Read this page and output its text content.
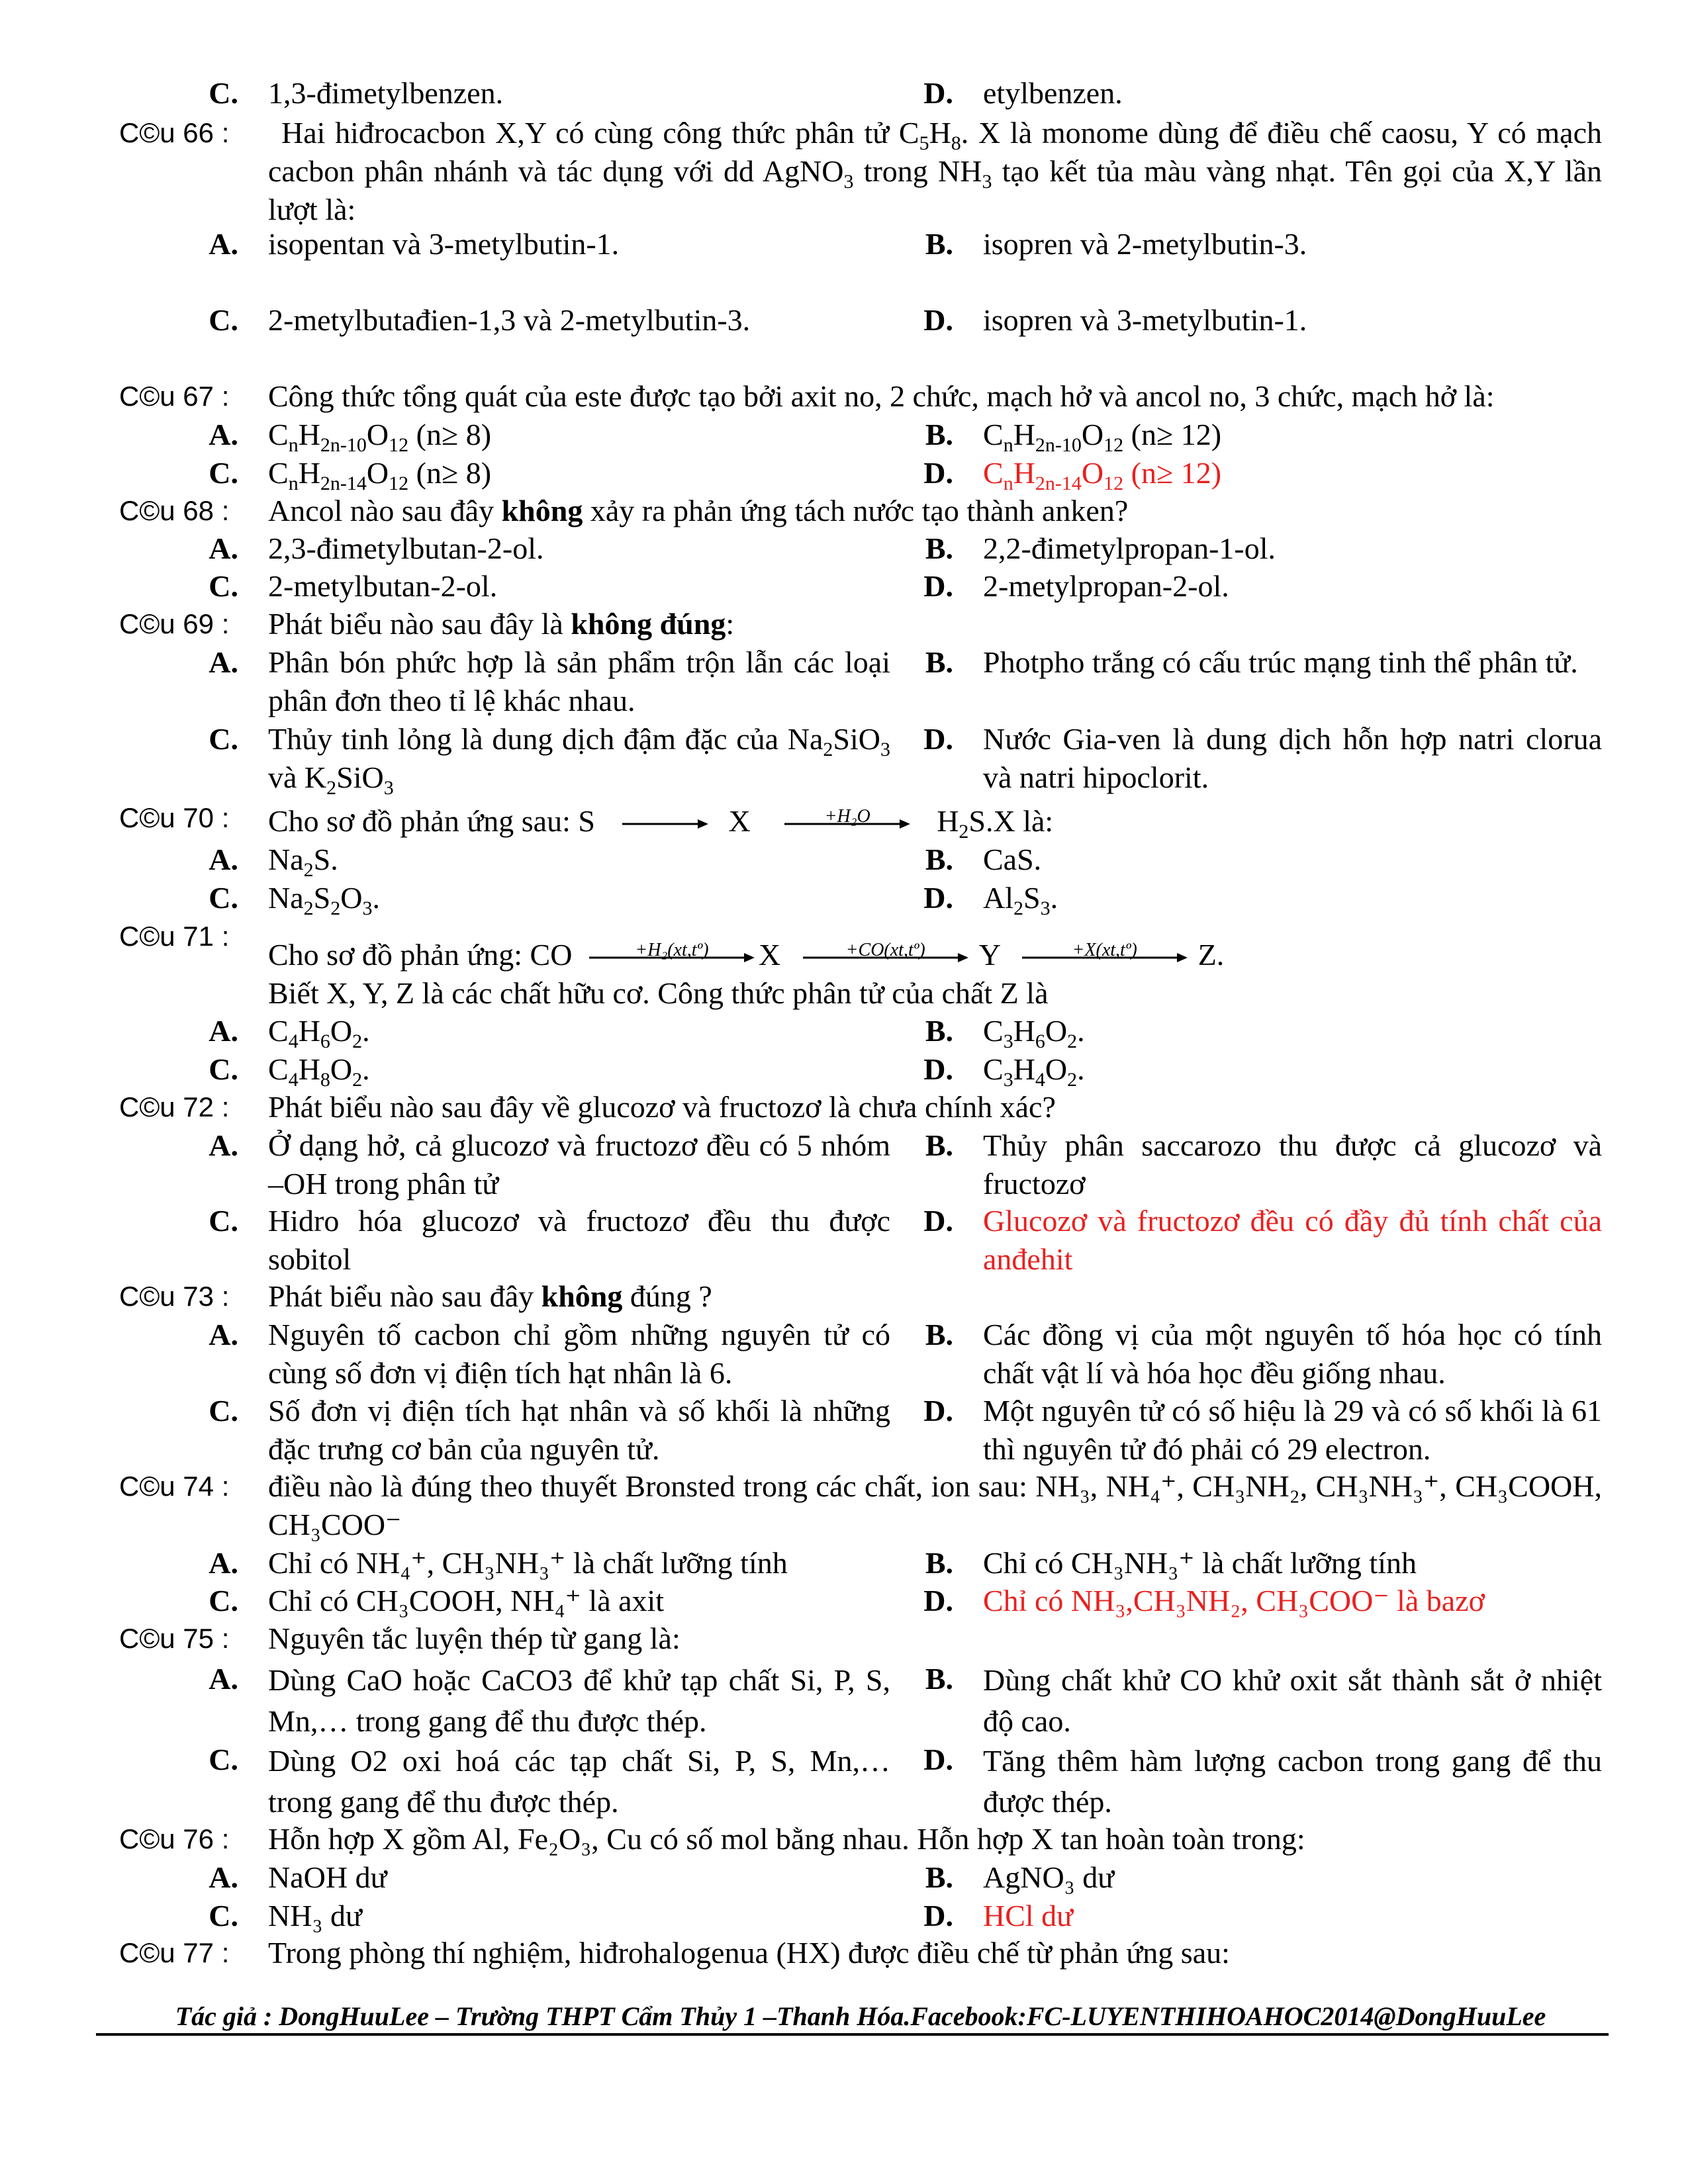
C. 1,3-đimetylbenzen.	D. etylbenzen.
C©u 66 :	Hai hiđrocacbon X,Y có cùng công thức phân tử $C_5H_8$. X là monome dùng để điều chế caosu, Y có mạch cacbon phân nhánh và tác dụng với dd AgNO$_3$ trong $NH_3$ tạo kết tủa màu vàng nhạt. Tên gọi của X,Y lần lượt là:
A. isopentan và 3-metylbutin-1.	B. isopren và 2-metylbutin-3.
C. 2-metylbutađien-1,3 và 2-metylbutin-3.	D. isopren và 3-metylbutin-1.
C©u 67 :	Công thức tổng quát của este được tạo bởi axit no, 2 chức, mạch hở và ancol no, 3 chức, mạch hở là:
A. $C_nH_{2n-10}O_{12}$ (n≥ 8)	B. $C_nH_{2n-10}O_{12}$ (n≥ 12)
C. $C_nH_{2n-14}O_{12}$ (n≥ 8)	D. $C_nH_{2n-14}O_{12}$ (n≥ 12)
C©u 68 :	Ancol nào sau đây không xảy ra phản ứng tách nước tạo thành anken?
A. 2,3-đimetylbutan-2-ol.	B. 2,2-đimetylpropan-1-ol.
C. 2-metylbutan-2-ol.	D. 2-metylpropan-2-ol.
C©u 69 :	Phát biểu nào sau đây là không đúng:
A. Phân bón phức hợp là sản phẩm trộn lẫn các loại phân đơn theo tỉ lệ khác nhau.
B. Photpho trắng có cấu trúc mạng tinh thể phân tử.
C. Thủy tinh lỏng là dung dịch đậm đặc của $Na_2SiO_3$ và $K_2SiO_3$
D. Nước Gia-ven là dung dịch hỗn hợp natri clorua và natri hipoclorit.
C©u 70 :	Cho sơ đồ phản ứng sau: S → X	+H₂O	$H_2S.X$ là:
A. $Na_2S$.	B. CaS.
C. $Na_2S_2O_3$.	D. $Al_2S_3$.
C©u 71 :
Cho sơ đồ phản ứng: CO	+H₂(xt,tº)	X	+CO(xt,tº)	Y	+X(xt,tº)	Z.
Biết X, Y, Z là các chất hữu cơ. Công thức phân tử của chất Z là
A. $C_4H_6O_2$.	B. $C_3H_6O_2$.
C. $C_4H_8O_2$.	D. $C_3H_4O_2$.
C©u 72 :	Phát biểu nào sau đây về glucozơ và fructozơ là chưa chính xác?
A. Ở dạng hở, cả glucozơ và fructozơ đều có 5 nhóm –OH trong phân tử
B. Thủy phân saccarozo thu được cả glucozơ và fructozơ
C. Hidro hóa glucozơ và fructozơ đều thu được sobitol
D. Glucozơ và fructozơ đều có đầy đủ tính chất của anđehit
C©u 73 :	Phát biểu nào sau đây không đúng ?
A. Nguyên tố cacbon chỉ gồm những nguyên tử có cùng số đơn vị điện tích hạt nhân là 6.
B. Các đồng vị của một nguyên tố hóa học có tính chất vật lí và hóa học đều giống nhau.
C. Số đơn vị điện tích hạt nhân và số khối là những đặc trưng cơ bản của nguyên tử.
D. Một nguyên tử có số hiệu là 29 và có số khối là 61 thì nguyên tử đó phải có 29 electron.
C©u 74 :	điều nào là đúng theo thuyết Bronsted trong các chất, ion sau: NH₃, NH₄⁺, CH₃NH₂, CH₃NH₃⁺, CH₃COOH, CH₃COO⁻
A. Chỉ có NH₄⁺, CH₃NH₃⁺ là chất lưỡng tính	B. Chỉ có CH₃NH₃⁺ là chất lưỡng tính
C. Chỉ có CH₃COOH, NH₄⁺ là axit	D. Chỉ có NH₃,CH₃NH₂, CH₃COO⁻ là bazơ
C©u 75 :	Nguyên tắc luyện thép từ gang là:
A. Dùng CaO hoặc CaCO3 để khử tạp chất Si, P, S, Mn,… trong gang để thu được thép.
B. Dùng chất khử CO khử oxit sắt thành sắt ở nhiệt độ cao.
C. Dùng O2 oxi hoá các tạp chất Si, P, S, Mn,… trong gang để thu được thép.
D. Tăng thêm hàm lượng cacbon trong gang để thu được thép.
C©u 76 :	Hỗn hợp X gồm Al, Fe₂O₃, Cu có số mol bằng nhau. Hỗn hợp X tan hoàn toàn trong:
A. NaOH dư	B. AgNO₃ dư
C. NH₃ dư	D. HCl dư
C©u 77 :	Trong phòng thí nghiệm, hiđrohalogenua (HX) được điều chế từ phản ứng sau:
Tác giả : DongHuuLee – Trường THPT Cẩm Thủy 1 –Thanh Hóa.Facebook:FC-LUYENTHIHOAHOC2014@DongHuuLee
